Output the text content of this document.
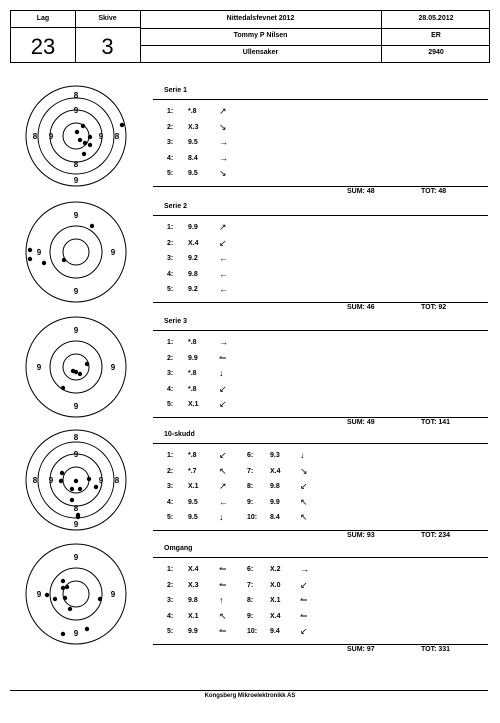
Lag
23
Skive
3
Nittedalsfevnet 2012	28.05.2012
Tommy P Nilsen	ER
Ullensaker	2940
Serie 1
8
9
8 9	9 8
8
9
1: *.8 ↗
2: X.3 ↘
3: 9.5 →
4: 8.4 →
5: 9.5 ↘
SUM: 48	TOT: 48
Serie 2
9
9	9
9
1: 9.9 ↗
2: X.4 ↙
3: 9.2 ←
4: 9.8 ←
5: 9.2 ←
SUM: 46	TOT: 92
Serie 3
9
9	9
9
1: *.8 →
2: 9.9 ↼
3: *.8 ↓
4: *.8 ↙
5: X.1 ↙
SUM: 49	TOT: 141
10-skudd
8
9
8 9	9 8
8
9
1: *.8 ↙	6: 9.3 ↓
2: *.7 ↖	7: X.4 ↘
3: X.1 ↗	8: 9.8 ↙
4: 9.5 ←	9: 9.9 ↖
5: 9.5 ↓	10: 8.4 ↖
SUM: 93	TOT: 234
Omgang
9
9	9
9
1: X.4 ↼	6: X.2 →
2: X.3 ↼	7: X.0 ↙
3: 9.8 ↑	8: X.1 ↼
4: X.1 ↖	9: X.4 ↼
5: 9.9 ↼	10: 9.4 ↙
SUM: 97	TOT: 331
Kongsberg Mikroelektronikk AS
